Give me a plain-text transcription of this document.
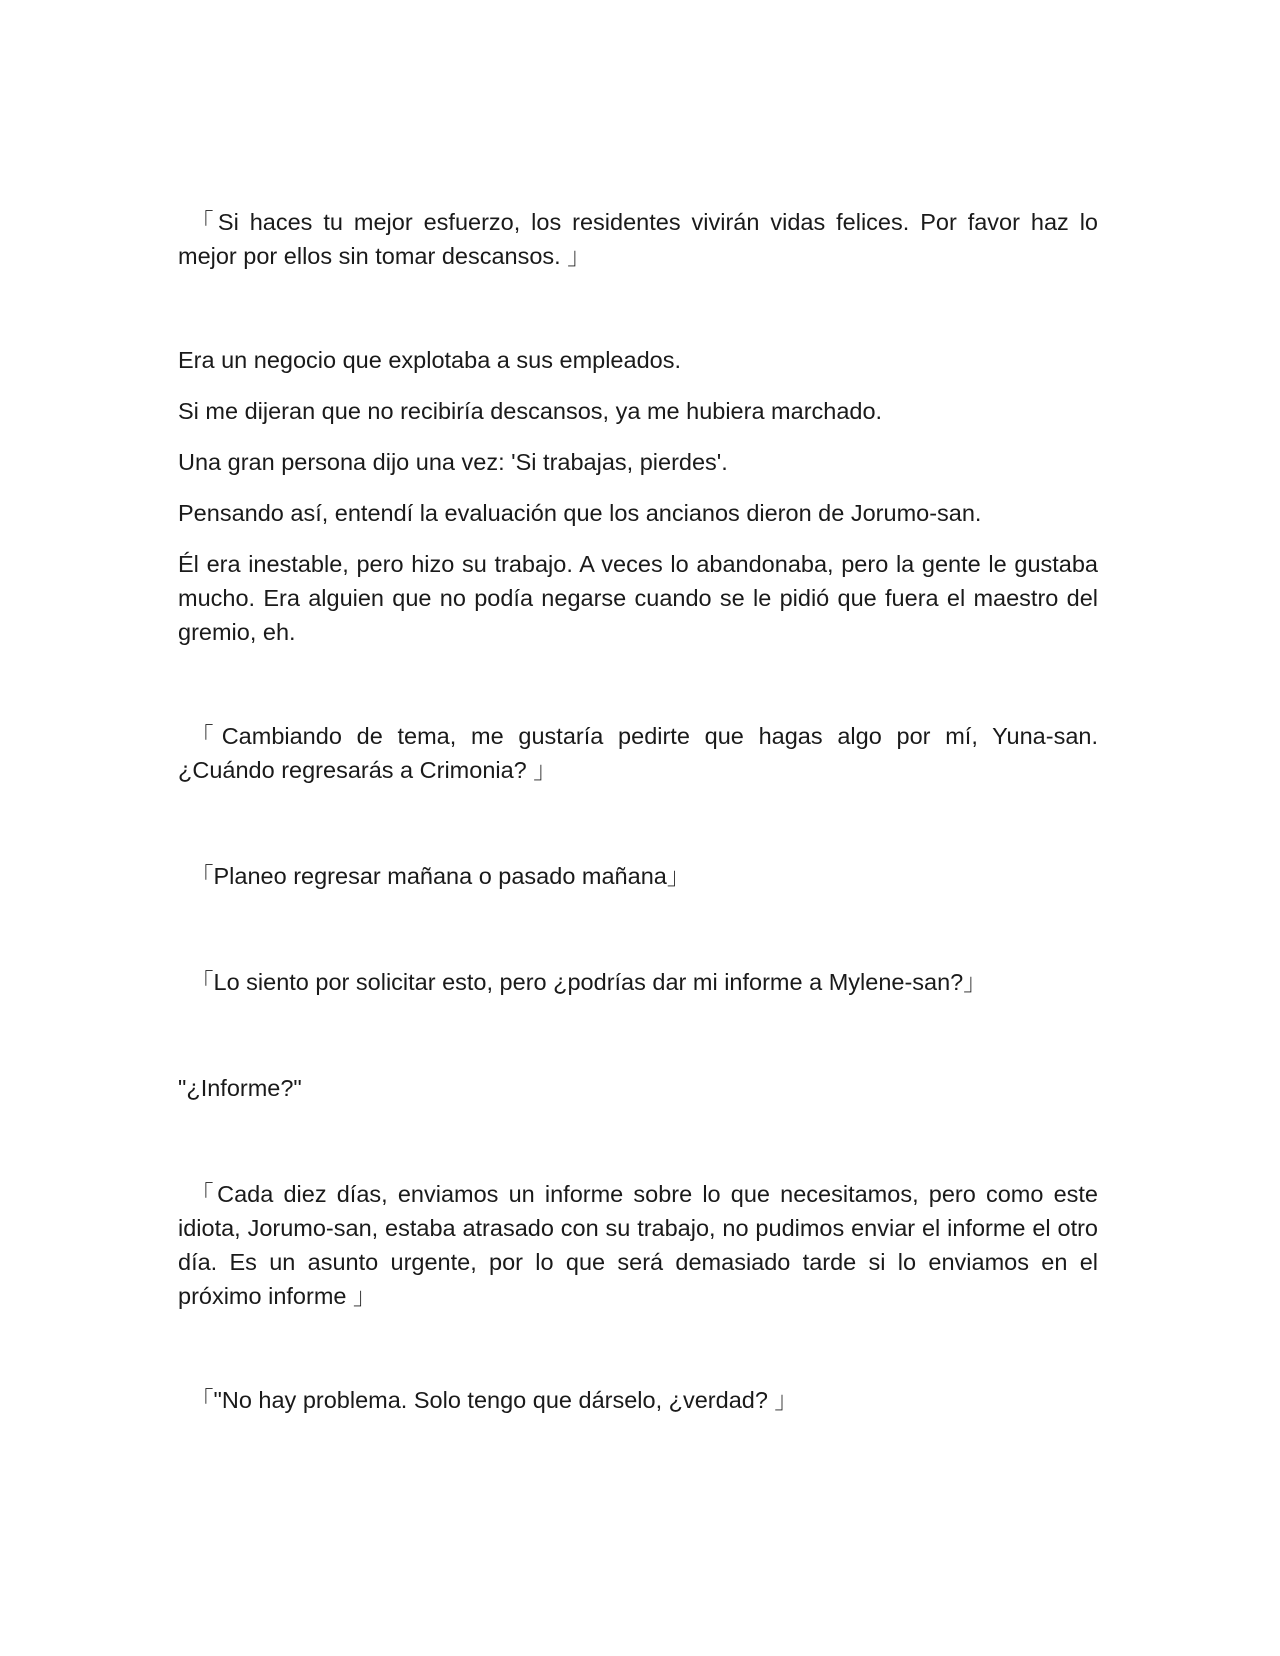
「Si haces tu mejor esfuerzo, los residentes vivirán vidas felices. Por favor haz lo mejor por ellos sin tomar descansos. 」

Era un negocio que explotaba a sus empleados.

Si me dijeran que no recibiría descansos, ya me hubiera marchado.

Una gran persona dijo una vez: 'Si trabajas, pierdes'.

Pensando así, entendí la evaluación que los ancianos dieron de Jorumo-san.

Él era inestable, pero hizo su trabajo. A veces lo abandonaba, pero la gente le gustaba mucho. Era alguien que no podía negarse cuando se le pidió que fuera el maestro del gremio, eh.

「Cambiando de tema, me gustaría pedirte que hagas algo por mí, Yuna-san. ¿Cuándo regresarás a Crimonia? 」

「Planeo regresar mañana o pasado mañana」

「Lo siento por solicitar esto, pero ¿podrías dar mi informe a Mylene-san?」

"¿Informe?"

「Cada diez días, enviamos un informe sobre lo que necesitamos, pero como este idiota, Jorumo-san, estaba atrasado con su trabajo, no pudimos enviar el informe el otro día. Es un asunto urgente, por lo que será demasiado tarde si lo enviamos en el próximo informe 」

「"No hay problema. Solo tengo que dárselo, ¿verdad? 」
